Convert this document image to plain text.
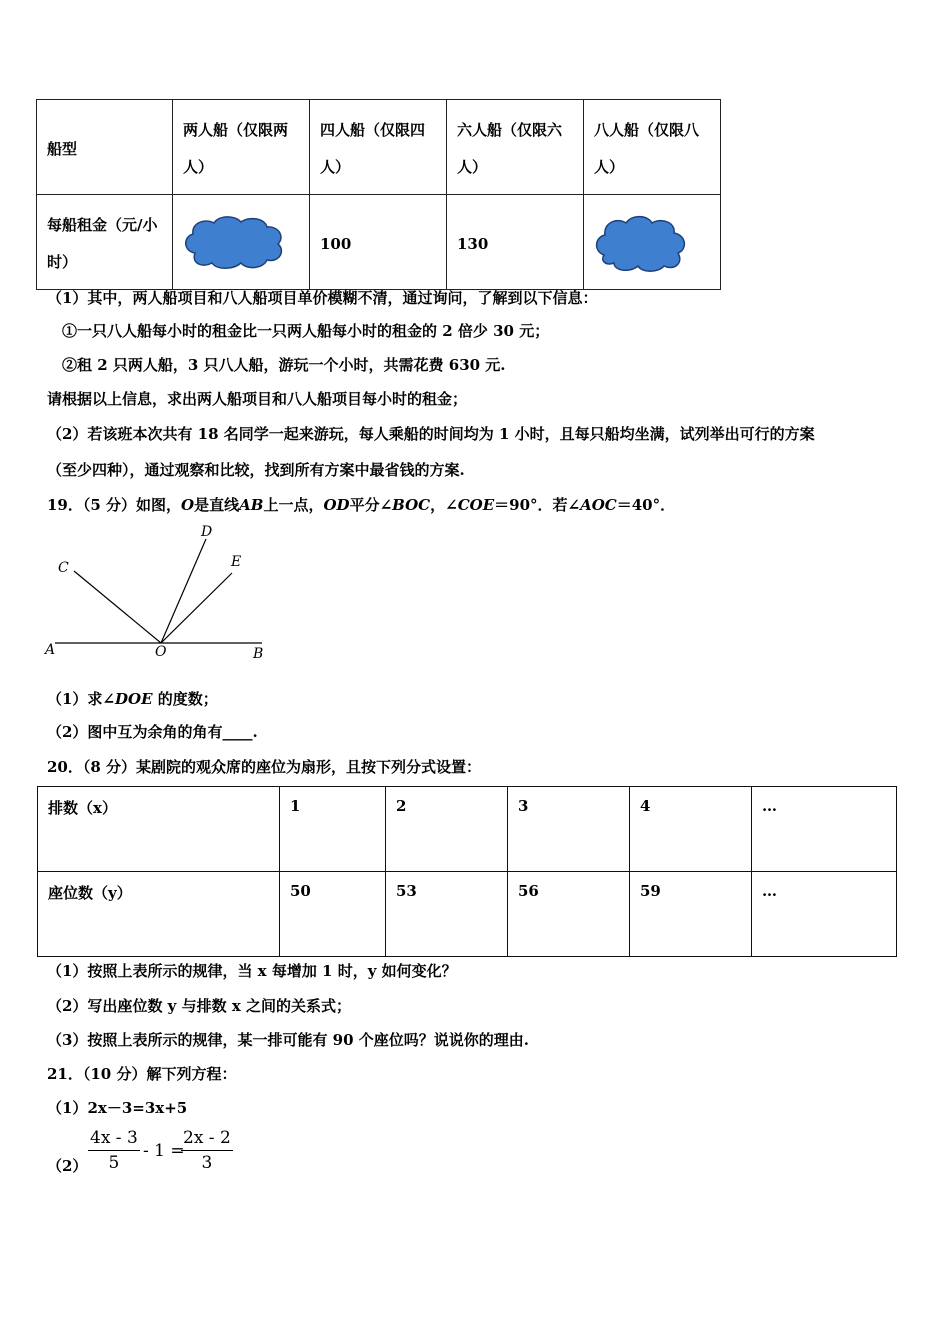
船型	两人船（仅限两人）	四人船（仅限四人）	六人船（仅限六人）	八人船（仅限八人）
每船租金（元/小时）		100	130	
（1）其中，两人船项目和八人船项目单价模糊不清，通过询问，了解到以下信息：
①一只八人船每小时的租金比一只两人船每小时的租金的 2 倍少 30 元；
②租 2 只两人船，3 只八人船，游玩一个小时，共需花费 630 元.
请根据以上信息，求出两人船项目和八人船项目每小时的租金；
（2）若该班本次共有 18 名同学一起来游玩，每人乘船的时间均为 1 小时，且每只船均坐满，试列举出可行的方案
（至少四种），通过观察和比较，找到所有方案中最省钱的方案.
19．（5 分）如图，O是直线AB上一点，OD平分∠BOC，∠COE＝90°．若∠AOC＝40°．
A	O	B
C
D
E
（1）求∠DOE 的度数；
（2）图中互为余角的角有____.
20．（8 分）某剧院的观众席的座位为扇形，且按下列分式设置：
排数（x）	1	2	3	4	…
座位数（y）	50	53	56	59	…
（1）按照上表所示的规律，当 x 每增加 1 时，y 如何变化？
（2）写出座位数 y 与排数 x 之间的关系式；
（3）按照上表所示的规律，某一排可能有 90 个座位吗？说说你的理由.
21．（10 分）解下列方程：
（1）2x－3=3x+5
$(2) \frac{4x - 3}{5} - 1$ =
$\frac{2x - 2}{3}$
